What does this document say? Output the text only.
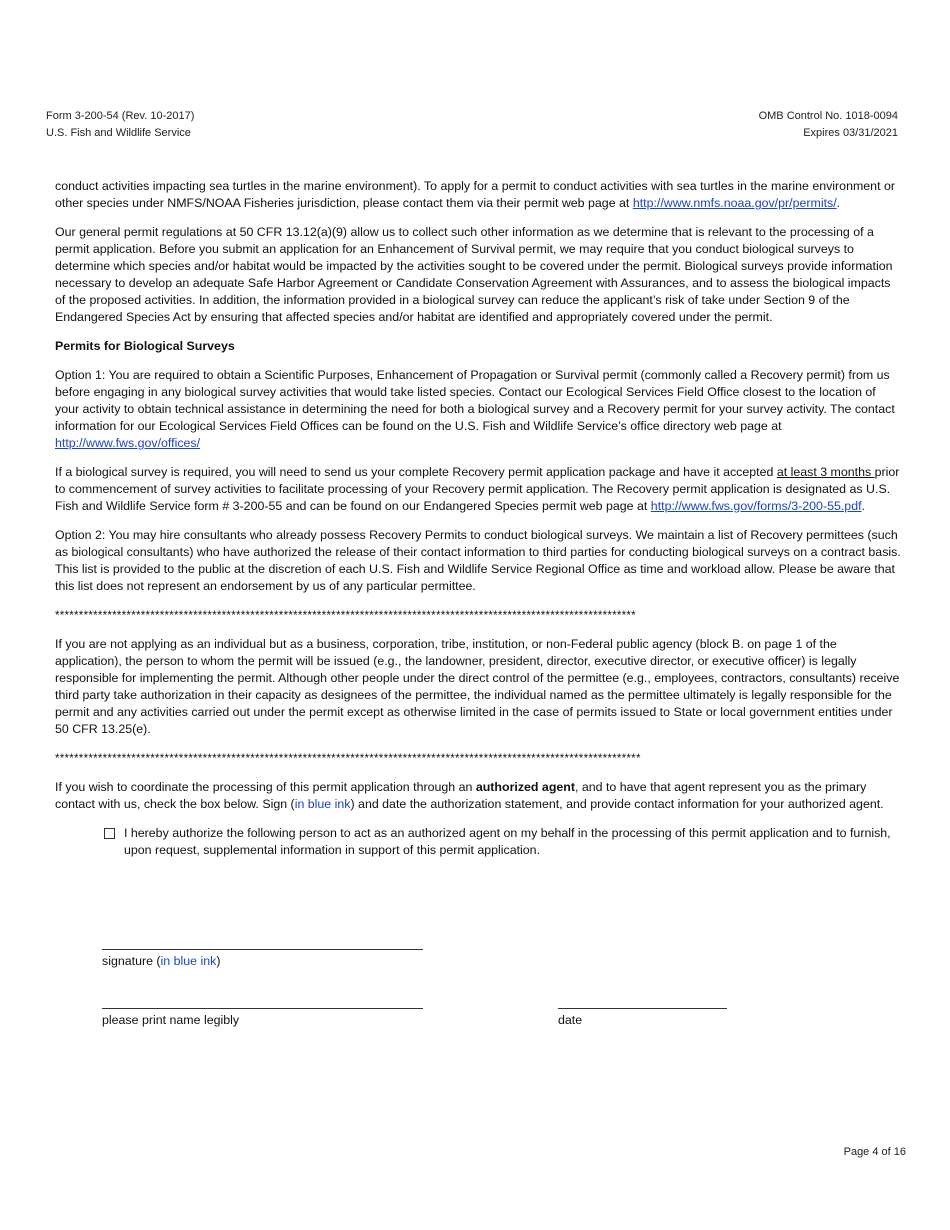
Form 3-200-54 (Rev. 10-2017)
U.S. Fish and Wildlife Service
OMB Control No. 1018-0094
Expires 03/31/2021

conduct activities impacting sea turtles in the marine environment). To apply for a permit to conduct activities with sea turtles in the marine environment or other species under NMFS/NOAA Fisheries jurisdiction, please contact them via their permit web page at http://www.nmfs.noaa.gov/pr/permits/.

Our general permit regulations at 50 CFR 13.12(a)(9) allow us to collect such other information as we determine that is relevant to the processing of a permit application. Before you submit an application for an Enhancement of Survival permit, we may require that you conduct biological surveys to determine which species and/or habitat would be impacted by the activities sought to be covered under the permit. Biological surveys provide information necessary to develop an adequate Safe Harbor Agreement or Candidate Conservation Agreement with Assurances, and to assess the biological impacts of the proposed activities. In addition, the information provided in a biological survey can reduce the applicant’s risk of take under Section 9 of the Endangered Species Act by ensuring that affected species and/or habitat are identified and appropriately covered under the permit.

Permits for Biological Surveys

Option 1: You are required to obtain a Scientific Purposes, Enhancement of Propagation or Survival permit (commonly called a Recovery permit) from us before engaging in any biological survey activities that would take listed species. Contact our Ecological Services Field Office closest to the location of your activity to obtain technical assistance in determining the need for both a biological survey and a Recovery permit for your survey activity. The contact information for our Ecological Services Field Offices can be found on the U.S. Fish and Wildlife Service’s office directory web page at http://www.fws.gov/offices/

If a biological survey is required, you will need to send us your complete Recovery permit application package and have it accepted at least 3 months prior to commencement of survey activities to facilitate processing of your Recovery permit application. The Recovery permit application is designated as U.S. Fish and Wildlife Service form # 3-200-55 and can be found on our Endangered Species permit web page at http://www.fws.gov/forms/3-200-55.pdf.

Option 2: You may hire consultants who already possess Recovery Permits to conduct biological surveys. We maintain a list of Recovery permittees (such as biological consultants) who have authorized the release of their contact information to third parties for conducting biological surveys on a contract basis. This list is provided to the public at the discretion of each U.S. Fish and Wildlife Service Regional Office as time and workload allow. Please be aware that this list does not represent an endorsement by us of any particular permittee.

**************************************************************************************************************************

If you are not applying as an individual but as a business, corporation, tribe, institution, or non-Federal public agency (block B. on page 1 of the application), the person to whom the permit will be issued (e.g., the landowner, president, director, executive director, or executive officer) is legally responsible for implementing the permit. Although other people under the direct control of the permittee (e.g., employees, contractors, consultants) receive third party take authorization in their capacity as designees of the permittee, the individual named as the permittee ultimately is legally responsible for the permit and any activities carried out under the permit except as otherwise limited in the case of permits issued to State or local government entities under 50 CFR 13.25(e).

***************************************************************************************************************************

If you wish to coordinate the processing of this permit application through an authorized agent, and to have that agent represent you as the primary contact with us, check the box below. Sign (in blue ink) and date the authorization statement, and provide contact information for your authorized agent.

I hereby authorize the following person to act as an authorized agent on my behalf in the processing of this permit application and to furnish, upon request, supplemental information in support of this permit application.
signature (in blue ink)
please print name legibly	date
Page 4 of 16
